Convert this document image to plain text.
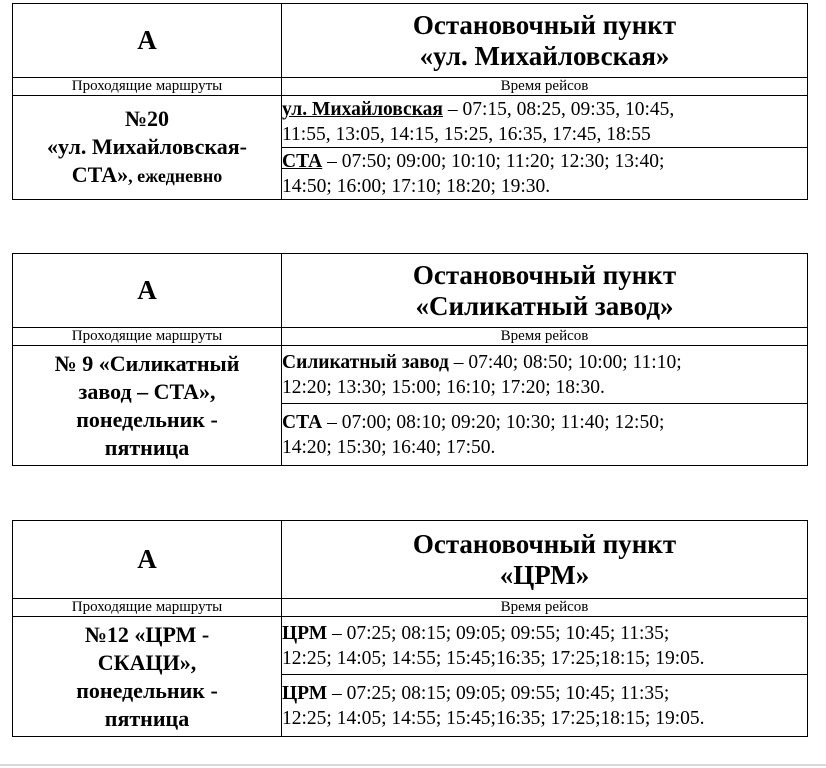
А	Остановочный пункт
«ул. Михайловская»

Проходящие маршруты	Время рейсов

№20
«ул. Михайловская-
СТА», ежедневно	ул. Михайловская – 07:15, 08:25, 09:35, 10:45,
11:55, 13:05, 14:15, 15:25, 16:35, 17:45, 18:55
	СТА – 07:50; 09:00; 10:10; 11:20; 12:30; 13:40;
14:50; 16:00; 17:10; 18:20; 19:30.
А	Остановочный пункт
«Силикатный завод»

Проходящие маршруты	Время рейсов

№ 9 «Силикатный
завод – СТА»,
понедельник -
пятница	Силикатный завод – 07:40; 08:50; 10:00; 11:10;
12:20; 13:30; 15:00; 16:10; 17:20; 18:30.
	СТА – 07:00; 08:10; 09:20; 10:30; 11:40; 12:50;
14:20; 15:30; 16:40; 17:50.
А	Остановочный пункт
«ЦРМ»

Проходящие маршруты	Время рейсов

№12 «ЦРМ -
СКАЦИ»,
понедельник -
пятница	ЦРМ – 07:25; 08:15; 09:05; 09:55; 10:45; 11:35;
12:25; 14:05; 14:55; 15:45;16:35; 17:25;18:15; 19:05.
	ЦРМ – 07:25; 08:15; 09:05; 09:55; 10:45; 11:35;
12:25; 14:05; 14:55; 15:45;16:35; 17:25;18:15; 19:05.
